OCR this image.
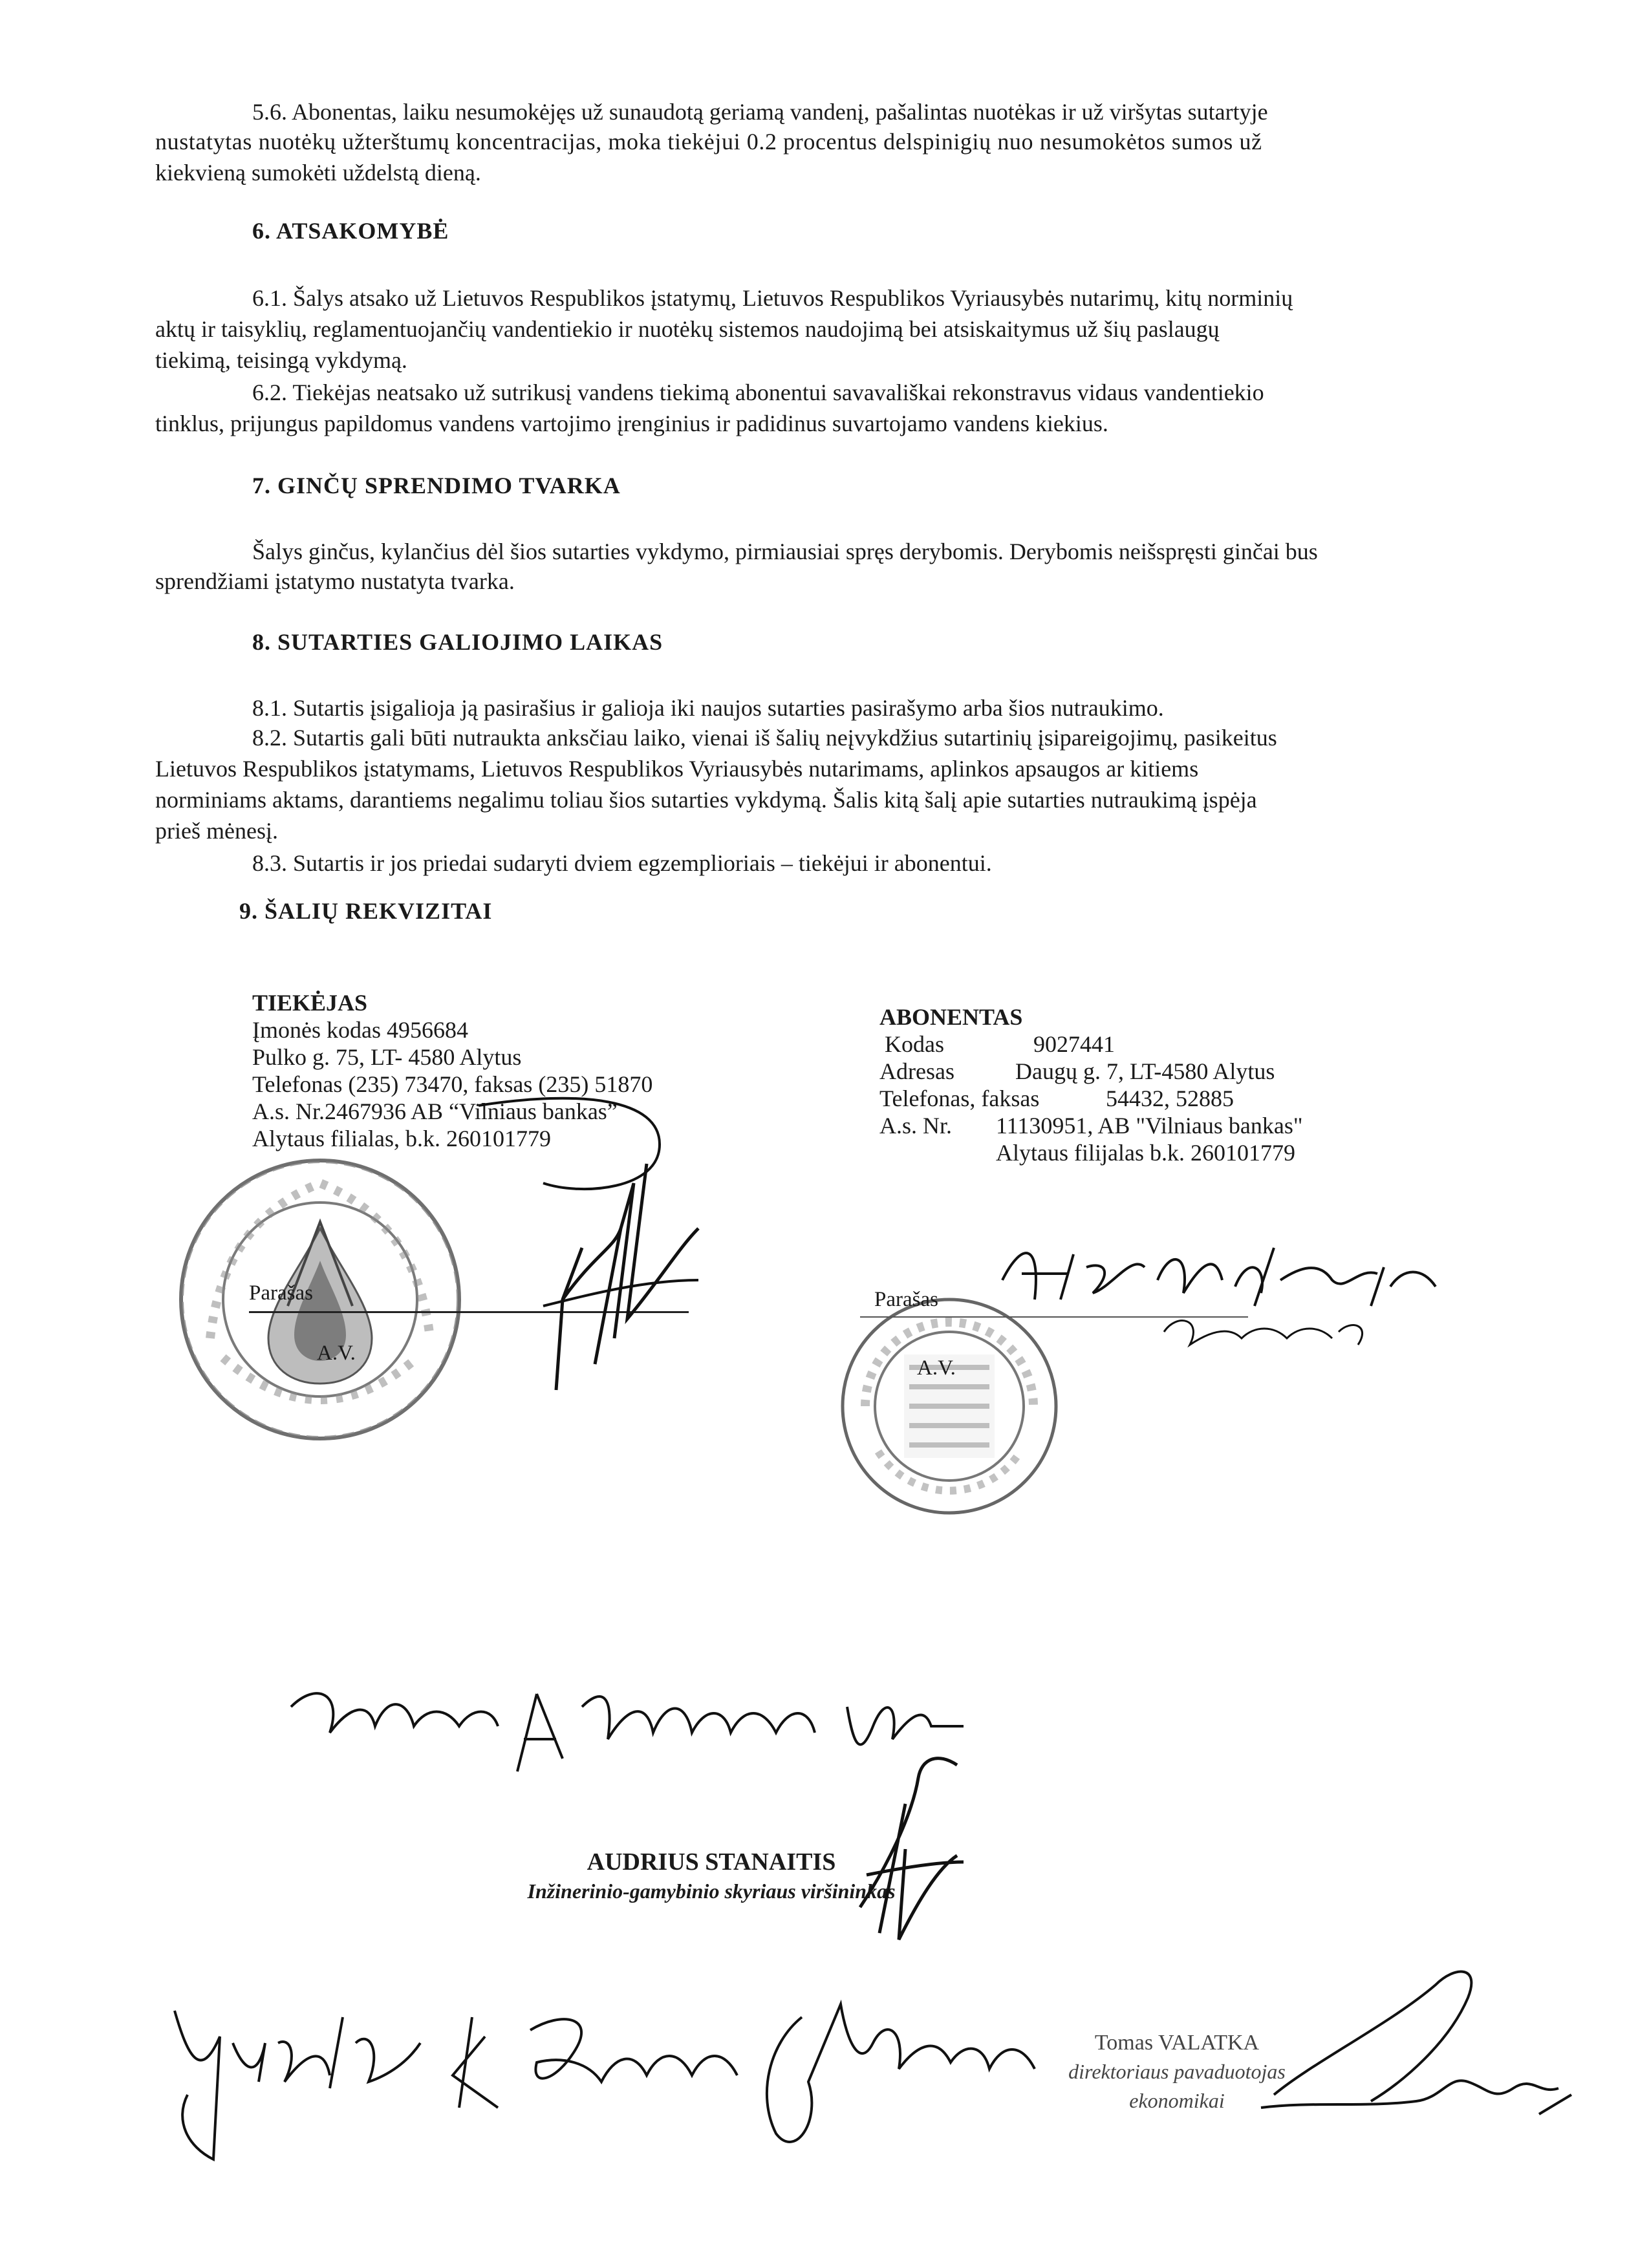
5.6. Abonentas, laiku nesumokėjęs už sunaudotą geriamą vandenį, pašalintas nuotėkas ir už viršytas sutartyje
nustatytas nuotėkų užterštumų koncentracijas, moka tiekėjui 0.2 procentus delspinigių nuo nesumokėtos sumos už
kiekvieną sumokėti uždelstą dieną.
6. ATSAKOMYBĖ
6.1. Šalys atsako už Lietuvos Respublikos įstatymų, Lietuvos Respublikos Vyriausybės nutarimų, kitų norminių
aktų ir taisyklių, reglamentuojančių vandentiekio ir nuotėkų sistemos naudojimą bei atsiskaitymus už šių paslaugų
tiekimą, teisingą vykdymą.
6.2. Tiekėjas neatsako už sutrikusį vandens tiekimą abonentui savavališkai rekonstravus vidaus vandentiekio
tinklus, prijungus papildomus vandens vartojimo įrenginius ir padidinus suvartojamo vandens kiekius.
7. GINČŲ SPRENDIMO TVARKA
Šalys ginčus, kylančius dėl šios sutarties vykdymo, pirmiausiai spręs derybomis. Derybomis neišspręsti ginčai bus
sprendžiami įstatymo nustatyta tvarka.
8. SUTARTIES GALIOJIMO LAIKAS
8.1. Sutartis įsigalioja ją pasirašius ir galioja iki naujos sutarties pasirašymo arba šios nutraukimo.
8.2. Sutartis gali būti nutraukta anksčiau laiko, vienai iš šalių neįvykdžius sutartinių įsipareigojimų, pasikeitus
Lietuvos Respublikos įstatymams, Lietuvos Respublikos Vyriausybės nutarimams, aplinkos apsaugos ar kitiems
norminiams aktams, darantiems negalimu toliau šios sutarties vykdymą. Šalis kitą šalį apie sutarties nutraukimą įspėja
prieš mėnesį.
8.3. Sutartis ir jos priedai sudaryti dviem egzemplioriais – tiekėjui ir abonentui.
9. ŠALIŲ REKVIZITAI
TIEKĖJAS
Įmonės kodas 4956684
Pulko g. 75, LT- 4580 Alytus
Telefonas (235) 73470, faksas (235) 51870
A.s. Nr.2467936 AB “Vilniaus bankas”
Alytaus filialas, b.k. 260101779
ABONENTAS
Kodas	9027441
Adresas	Daugų g. 7, LT-4580 Alytus
Telefonas, faksas	54432, 52885
A.s. Nr. 11130951, AB "Vilniaus bankas"
Alytaus filijalas b.k. 260101779
Parašas
A.V.
Parašas
A.V.
AUDRIUS STANAITIS
Inžinerinio-gamybinio skyriaus viršininkas
Tomas VALATKA
direktoriaus pavaduotojas
ekonomikai
